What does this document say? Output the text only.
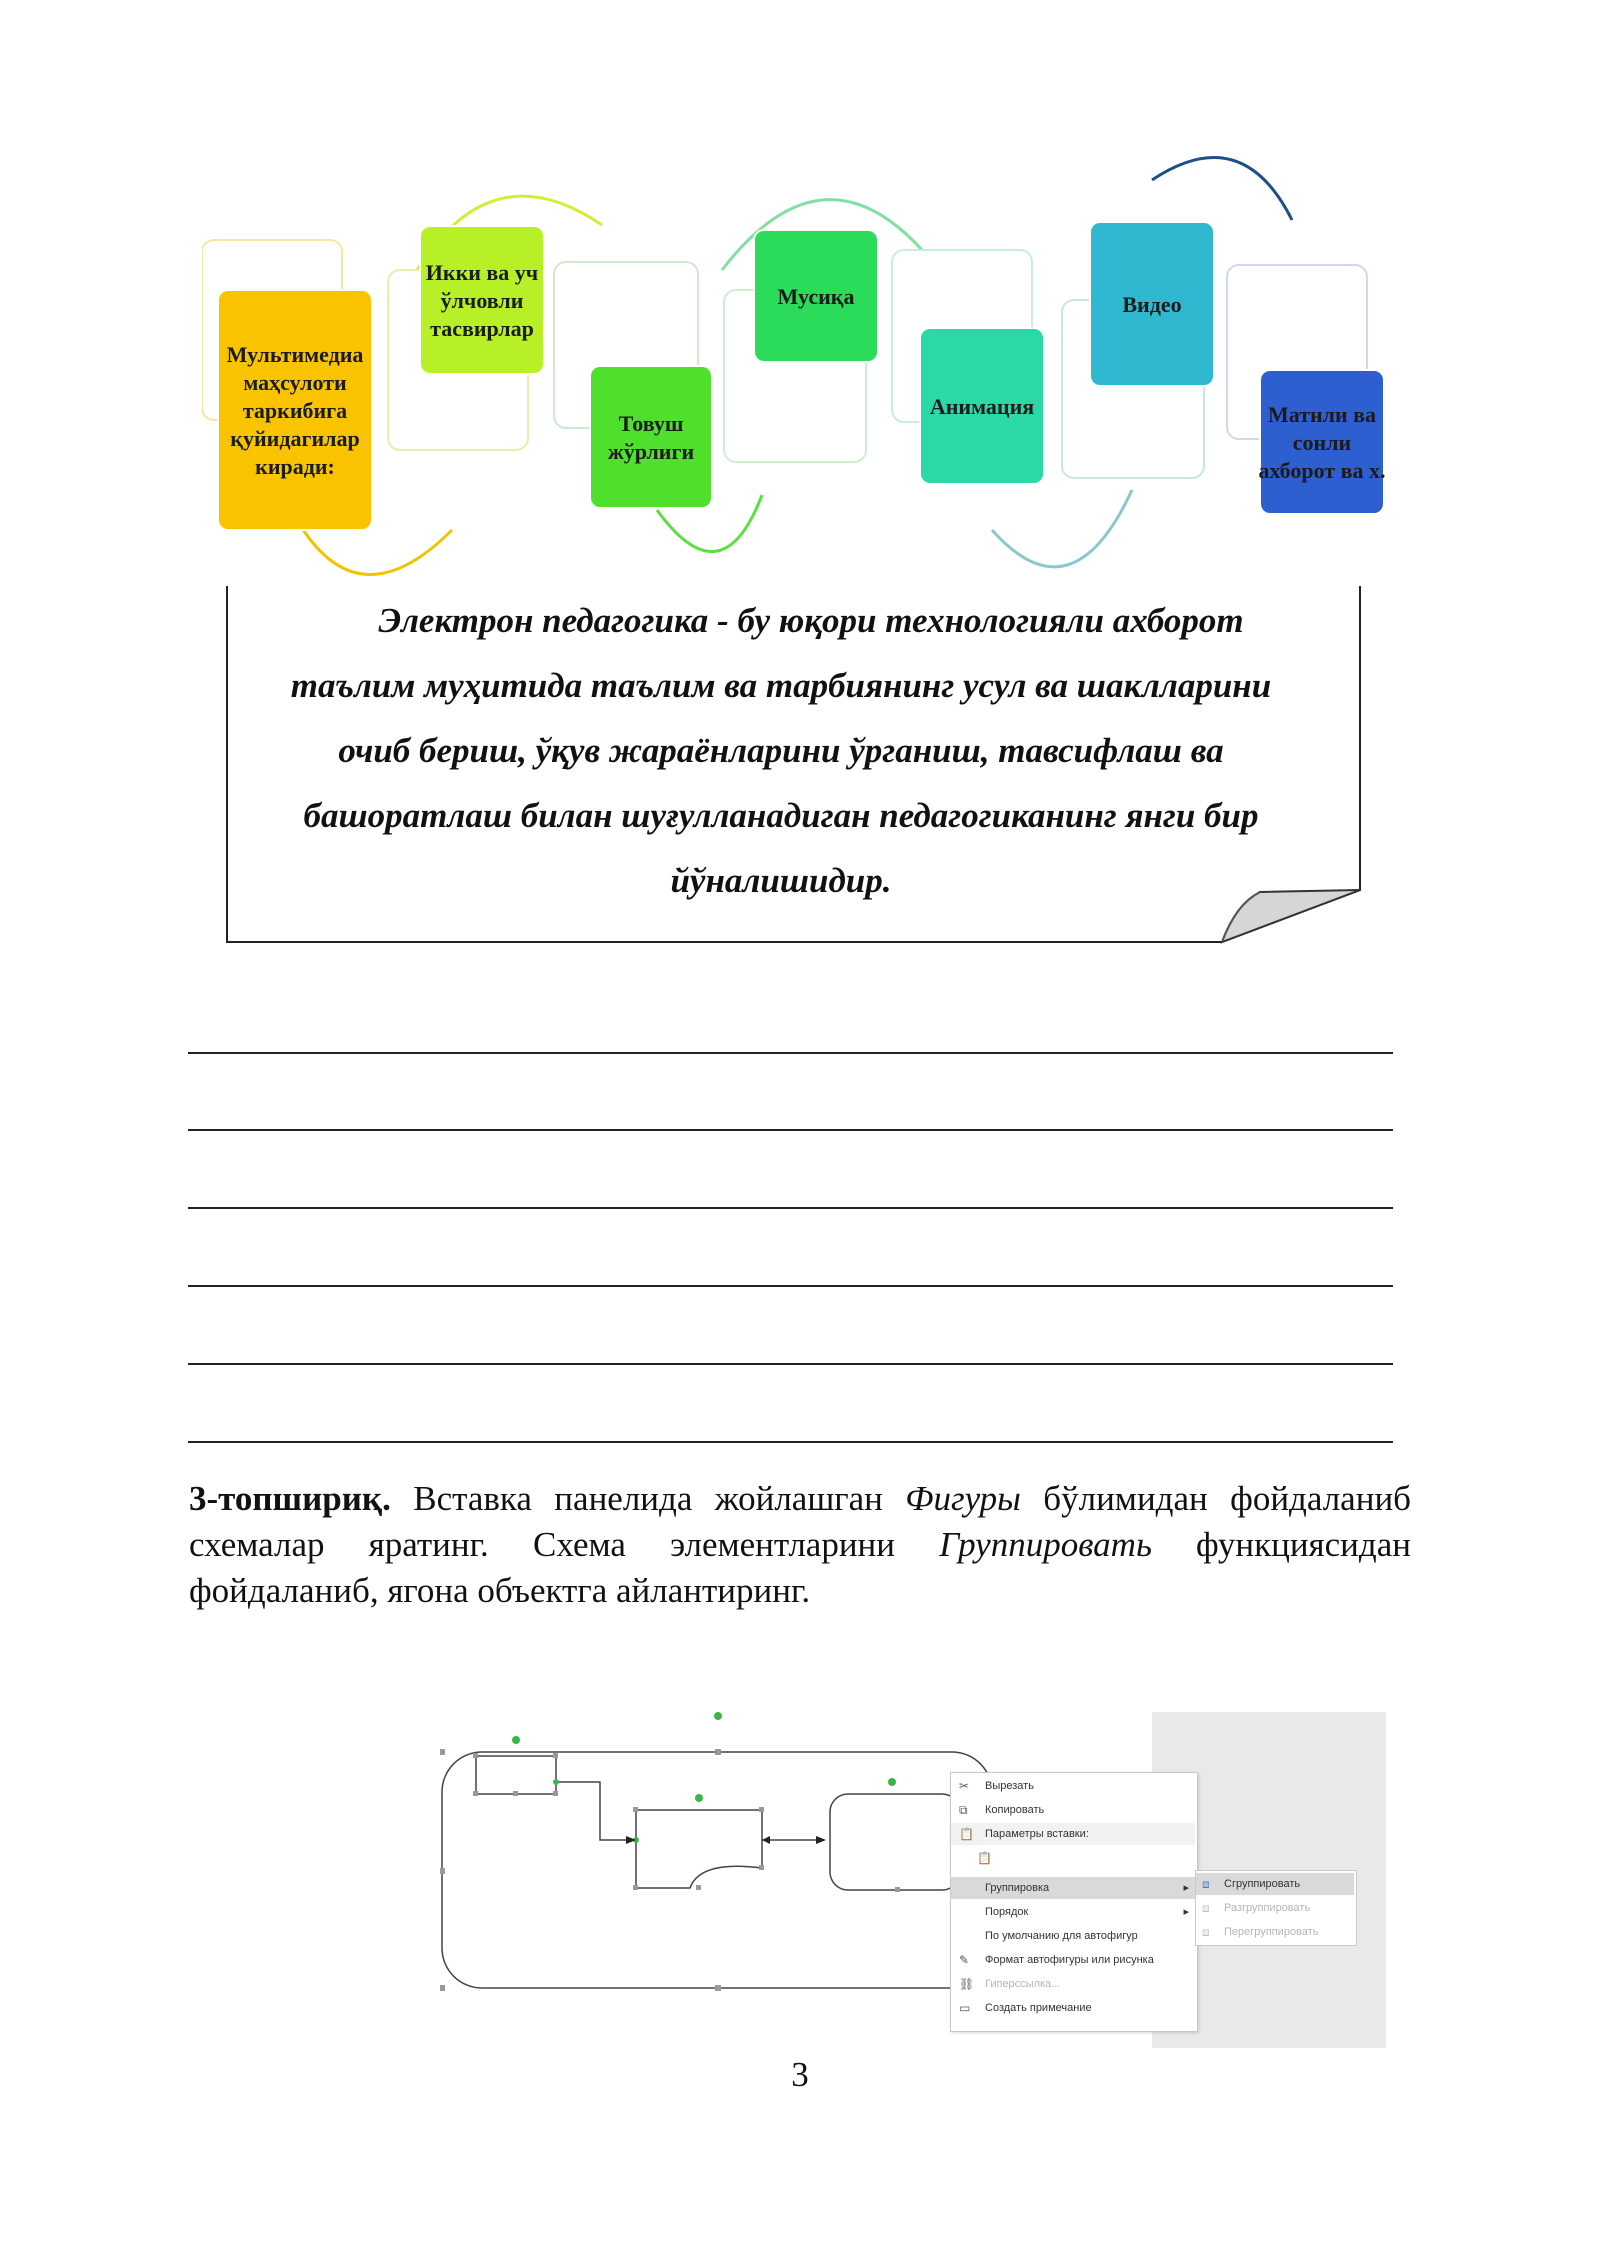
Мультимедиа
маҳсулоти
таркибига
қуйидагилар
киради:
Икки ва уч
ўлчовли
тасвирлар
Товуш
жўрлиги
Мусиқа
Анимация
Видео
Матнли ва
сонли
ахборот ва х.
Электрон педагогика - бу юқори технологияли ахборот
таълим муҳитида таълим ва тарбиянинг усул ва шаклларини
очиб бериш, ўқув жараёнларини ўрганиш, тавсифлаш ва
башоратлаш билан шуғулланадиган педагогиканинг янги бир
йўналишидир.
3-топшириқ. Вставка панелида жойлашган Фигуры бўлимидан фойдаланиб схемалар яратинг. Схема элементларини Группировать функциясидан фойдаланиб, ягона объектга айлантиринг.
✂	Вырезать
⧉	Копировать
📋 Параметры вставки:
📋
Группировка	▸
Порядок	▸
По умолчанию для автофигур
✎	Формат автофигуры или рисунка
⛓ Гиперссылка...
▭ Создать примечание
⧈ Сгруппировать
⧈ Разгруппировать
⧈ Перегруппировать
3
